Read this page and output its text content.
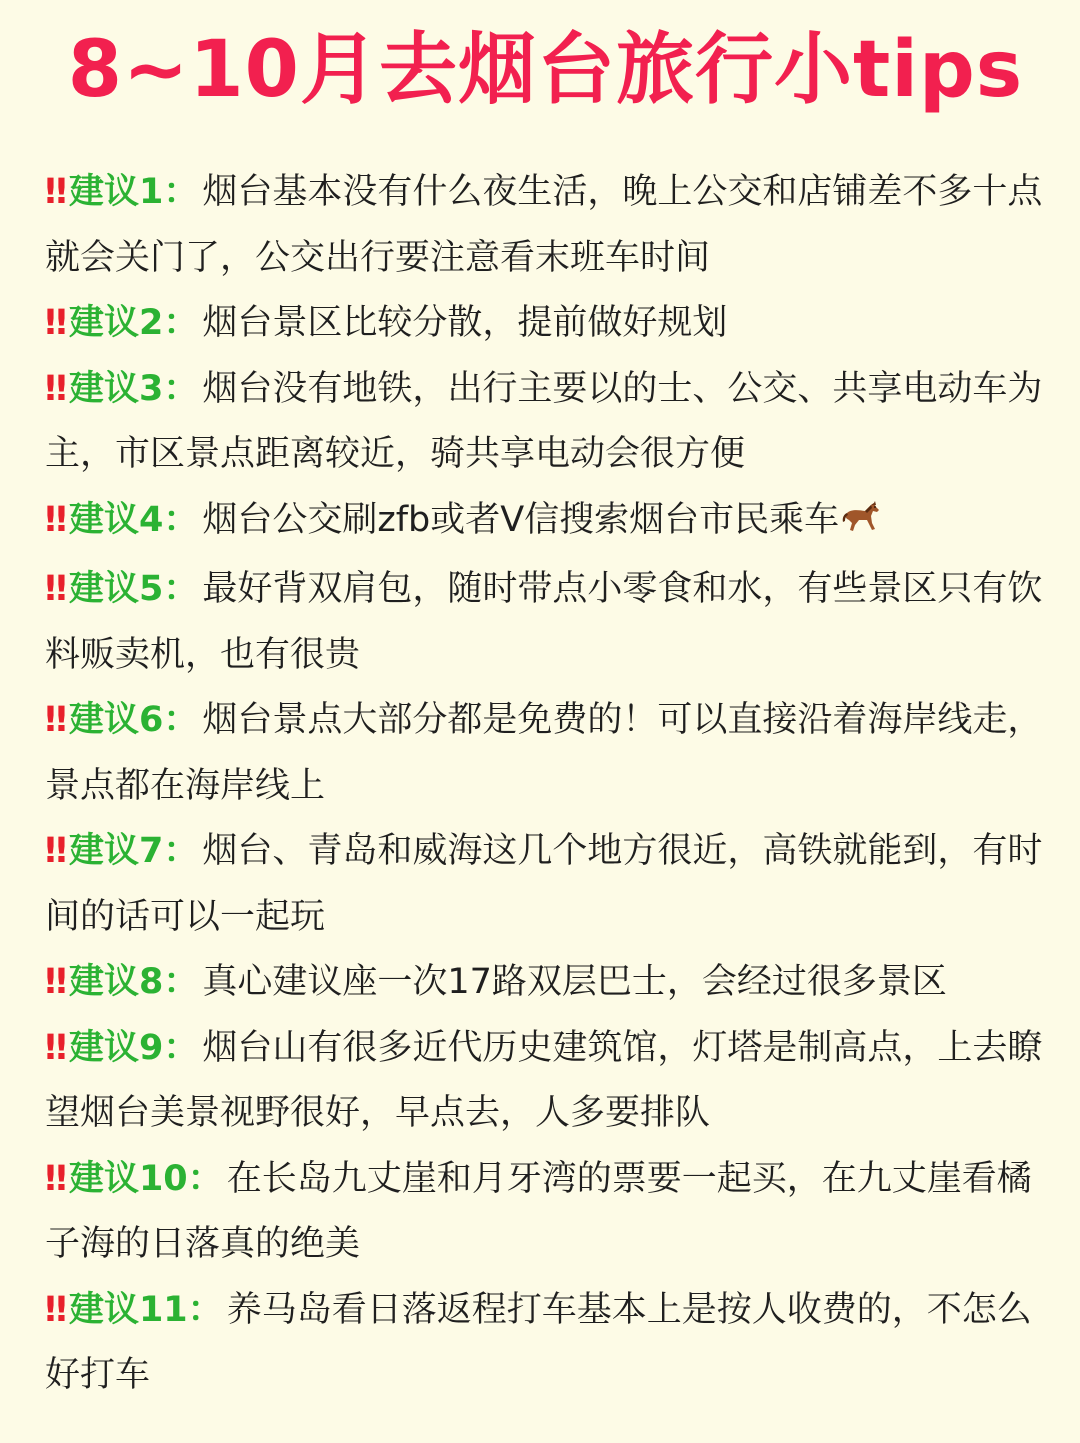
8~10月去烟台旅行小tips
‼ 建议1： 烟台基本没有什么夜生活，晚上公交和店铺差不多十点就会关门了，公交出行要注意看末班车时间
‼ 建议2： 烟台景区比较分散，提前做好规划
‼ 建议3： 烟台没有地铁，出行主要以的士、公交、共享电动车为主，市区景点距离较近，骑共享电动会很方便
‼ 建议4： 烟台公交刷zfb或者V信搜索烟台市民乘车
‼ 建议5： 最好背双肩包，随时带点小零食和水，有些景区只有饮料贩卖机，也有很贵
‼ 建议6： 烟台景点大部分都是免费的！可以直接沿着海岸线走，景点都在海岸线上
‼ 建议7： 烟台、青岛和威海这几个地方很近，高铁就能到，有时间的话可以一起玩
‼ 建议8： 真心建议座一次17路双层巴士，会经过很多景区
‼ 建议9： 烟台山有很多近代历史建筑馆，灯塔是制高点，上去瞭望烟台美景视野很好，早点去，人多要排队
‼ 建议10： 在长岛九丈崖和月牙湾的票要一起买，在九丈崖看橘子海的日落真的绝美
‼ 建议11： 养马岛看日落返程打车基本上是按人收费的，不怎么好打车
